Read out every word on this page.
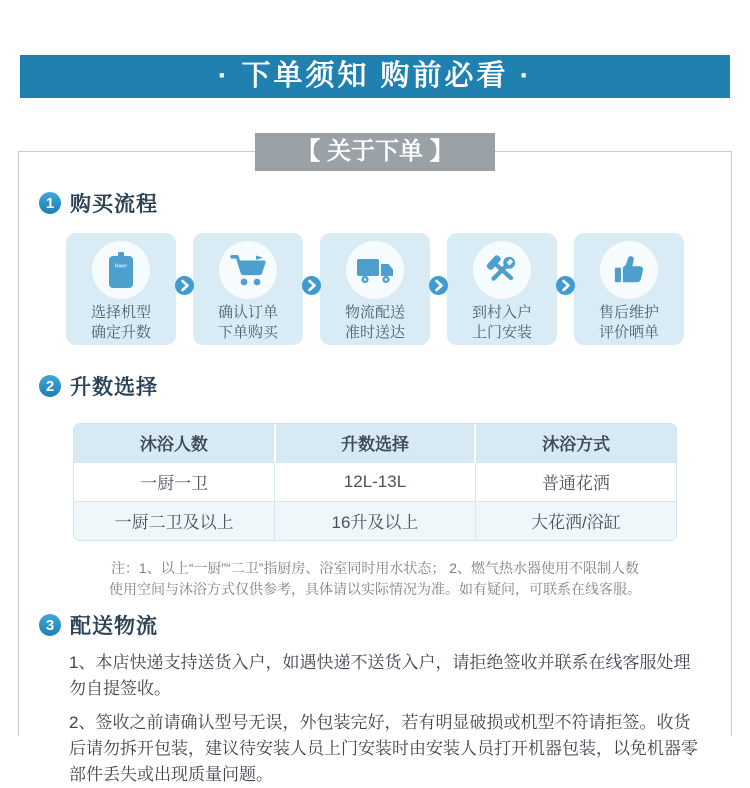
· 下单须知 购前必看 ·
【 关于下单 】
1 购买流程
Haier
选择机型
确定升数
确认订单
下单购买
物流配送
准时送达
到村入户
上门安装
售后维护
评价晒单
2 升数选择
沐浴人数	升数选择	沐浴方式
一厨一卫	12L-13L	普通花洒
一厨二卫及以上	16升及以上	大花洒/浴缸
注：1、以上“一厨”“二卫”指厨房、浴室同时用水状态； 2、燃气热水器使用不限制人数
使用空间与沐浴方式仅供参考，具体请以实际情况为准。如有疑问，可联系在线客服。
3 配送物流

1、本店快递支持送货入户，如遇快递不送货入户，请拒绝签收并联系在线客服处理勿自提签收。

2、签收之前请确认型号无误，外包装完好，若有明显破损或机型不符请拒签。收货后请勿拆开包装，建议待安装人员上门安装时由安装人员打开机器包装，以免机器零部件丢失或出现质量问题。
